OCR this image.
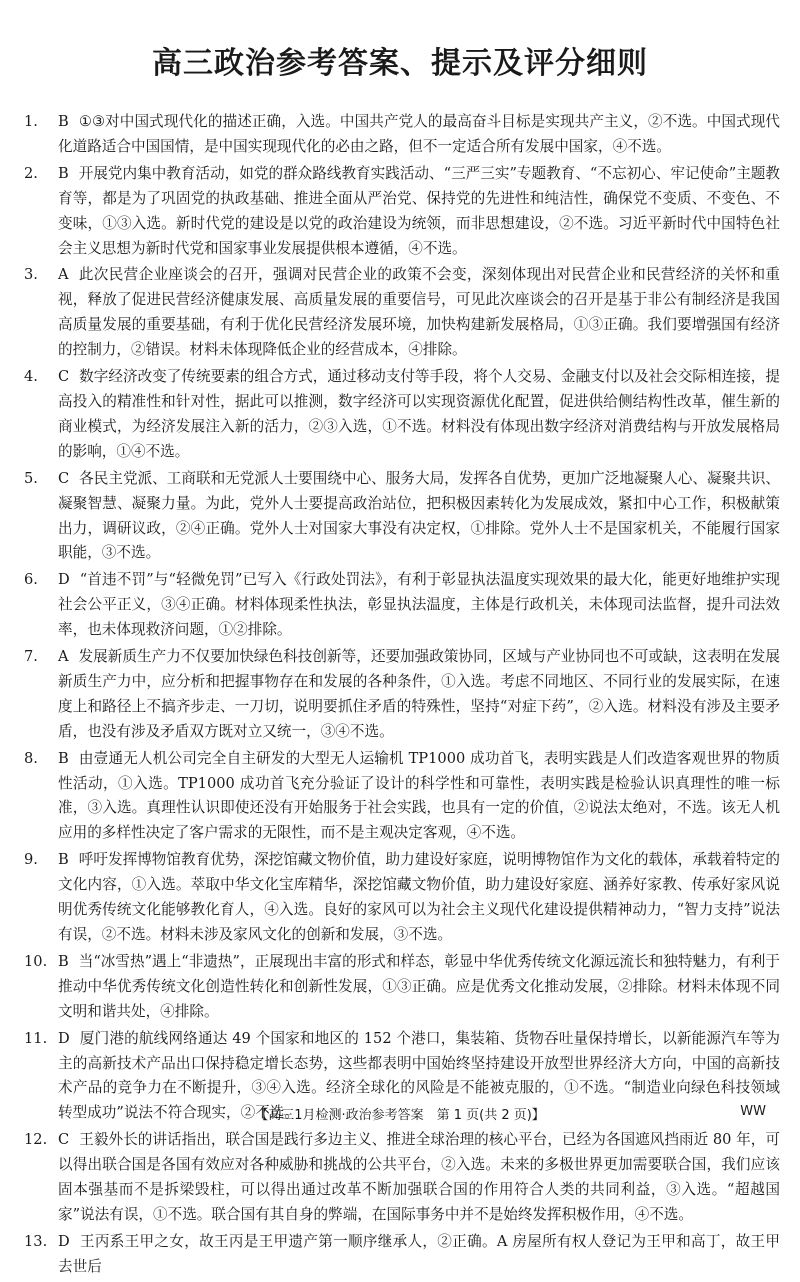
高三政治参考答案、提示及评分细则
1. B ①③对中国式现代化的描述正确，入选。中国共产党人的最高奋斗目标是实现共产主义，②不选。中国式现代化道路适合中国国情，是中国实现现代化的必由之路，但不一定适合所有发展中国家，④不选。
2. B 开展党内集中教育活动，如党的群众路线教育实践活动、“三严三实”专题教育、“不忘初心、牢记使命”主题教育等，都是为了巩固党的执政基础、推进全面从严治党、保持党的先进性和纯洁性，确保党不变质、不变色、不变味，①③入选。新时代党的建设是以党的政治建设为统领，而非思想建设，②不选。习近平新时代中国特色社会主义思想为新时代党和国家事业发展提供根本遵循，④不选。
3. A 此次民营企业座谈会的召开，强调对民营企业的政策不会变，深刻体现出对民营企业和民营经济的关怀和重视，释放了促进民营经济健康发展、高质量发展的重要信号，可见此次座谈会的召开是基于非公有制经济是我国高质量发展的重要基础，有利于优化民营经济发展环境，加快构建新发展格局，①③正确。我们要增强国有经济的控制力，②错误。材料未体现降低企业的经营成本，④排除。
4. C 数字经济改变了传统要素的组合方式，通过移动支付等手段，将个人交易、金融支付以及社会交际相连接，提高投入的精准性和针对性，据此可以推测，数字经济可以实现资源优化配置，促进供给侧结构性改革，催生新的商业模式，为经济发展注入新的活力，②③入选，①不选。材料没有体现出数字经济对消费结构与开放发展格局的影响，①④不选。
5. C 各民主党派、工商联和无党派人士要围绕中心、服务大局，发挥各自优势，更加广泛地凝聚人心、凝聚共识、凝聚智慧、凝聚力量。为此，党外人士要提高政治站位，把积极因素转化为发展成效，紧扣中心工作，积极献策出力，调研议政，②④正确。党外人士对国家大事没有决定权，①排除。党外人士不是国家机关，不能履行国家职能，③不选。
6. D “首违不罚”与“轻微免罚”已写入《行政处罚法》，有利于彰显执法温度实现效果的最大化，能更好地维护实现社会公平正义，③④正确。材料体现柔性执法，彰显执法温度，主体是行政机关，未体现司法监督，提升司法效率，也未体现救济问题，①②排除。
7. A 发展新质生产力不仅要加快绿色科技创新等，还要加强政策协同，区域与产业协同也不可或缺，这表明在发展新质生产力中，应分析和把握事物存在和发展的各种条件，①入选。考虑不同地区、不同行业的发展实际，在速度上和路径上不搞齐步走、一刀切，说明要抓住矛盾的特殊性，坚持“对症下药”，②入选。材料没有涉及主要矛盾，也没有涉及矛盾双方既对立又统一，③④不选。
8. B 由壹通无人机公司完全自主研发的大型无人运输机 TP1000 成功首飞，表明实践是人们改造客观世界的物质性活动，①入选。TP1000 成功首飞充分验证了设计的科学性和可靠性，表明实践是检验认识真理性的唯一标准，③入选。真理性认识即使还没有开始服务于社会实践，也具有一定的价值，②说法太绝对，不选。该无人机应用的多样性决定了客户需求的无限性，而不是主观决定客观，④不选。
9. B 呼吁发挥博物馆教育优势，深挖馆藏文物价值，助力建设好家庭，说明博物馆作为文化的载体，承载着特定的文化内容，①入选。萃取中华文化宝库精华，深挖馆藏文物价值，助力建设好家庭、涵养好家教、传承好家风说明优秀传统文化能够教化育人，④入选。良好的家风可以为社会主义现代化建设提供精神动力，“智力支持”说法有误，②不选。材料未涉及家风文化的创新和发展，③不选。
10. B 当“冰雪热”遇上“非遗热”，正展现出丰富的形式和样态，彰显中华优秀传统文化源远流长和独特魅力，有利于推动中华优秀传统文化创造性转化和创新性发展，①③正确。应是优秀文化推动发展，②排除。材料未体现不同文明和谐共处，④排除。
11. D 厦门港的航线网络通达 49 个国家和地区的 152 个港口，集装箱、货物吞吐量保持增长，以新能源汽车等为主的高新技术产品出口保持稳定增长态势，这些都表明中国始终坚持建设开放型世界经济大方向，中国的高新技术产品的竞争力在不断提升，③④入选。经济全球化的风险是不能被克服的，①不选。“制造业向绿色科技领域转型成功”说法不符合现实，②不选。
12. C 王毅外长的讲话指出，联合国是践行多边主义、推进全球治理的核心平台，已经为各国遮风挡雨近 80 年，可以得出联合国是各国有效应对各种威胁和挑战的公共平台，②入选。未来的多极世界更加需要联合国，我们应该固本强基而不是拆梁毁柱，可以得出通过改革不断加强联合国的作用符合人类的共同利益，③入选。“超越国家”说法有误，①不选。联合国有其自身的弊端，在国际事务中并不是始终发挥积极作用，④不选。
13. D 王丙系王甲之女，故王丙是王甲遗产第一顺序继承人，②正确。A 房屋所有权人登记为王甲和高丁，故王甲去世后
【高三1月检测·政治参考答案　第 1 页(共 2 页)】	WW
